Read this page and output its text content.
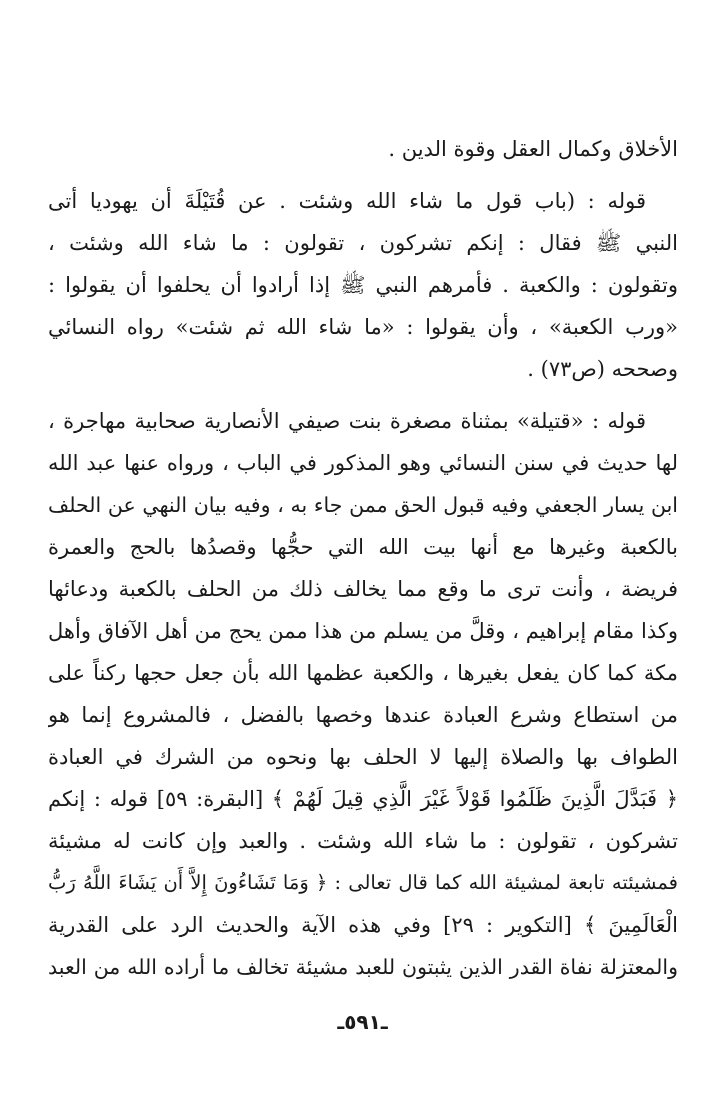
الأخلاق وكمال العقل وقوة الدين .
قوله : (باب قول ما شاء الله وشئت . عن قُتَيْلَةَ أن يهوديا أتى
النبي ﷺ فقال : إنكم تشركون ، تقولون : ما شاء الله وشئت ،
وتقولون : والكعبة . فأمرهم النبي ﷺ إذا أرادوا أن يحلفوا أن يقولوا :
«ورب الكعبة» ، وأن يقولوا : «ما شاء الله ثم شئت» رواه النسائي
وصححه (ص٧٣) .
قوله : «قتيلة» بمثناة مصغرة بنت صيفي الأنصارية صحابية مهاجرة ،
لها حديث في سنن النسائي وهو المذكور في الباب ، ورواه عنها عبد الله
ابن يسار الجعفي وفيه قبول الحق ممن جاء به ، وفيه بيان النهي عن الحلف
بالكعبة وغيرها مع أنها بيت الله التي حجُّها وقصدُها بالحج والعمرة
فريضة ، وأنت ترى ما وقع مما يخالف ذلك من الحلف بالكعبة ودعائها
وكذا مقام إبراهيم ، وقلَّ من يسلم من هذا ممن يحج من أهل الآفاق وأهل
مكة كما كان يفعل بغيرها ، والكعبة عظمها الله بأن جعل حجها ركناً على
من استطاع وشرع العبادة عندها وخصها بالفضل ، فالمشروع إنما هو
الطواف بها والصلاة إليها لا الحلف بها ونحوه من الشرك في العبادة
﴿ فَبَدَّلَ الَّذِينَ ظَلَمُوا قَوْلاً غَيْرَ الَّذِي قِيلَ لَهُمْ ﴾ [البقرة: ٥٩] قوله : إنكم
تشركون ، تقولون : ما شاء الله وشئت . والعبد وإن كانت له مشيئة
فمشيئته تابعة لمشيئة الله كما قال تعالى : ﴿ وَمَا تَشَاءُونَ إِلاَّ أَن يَشَاءَ اللَّهُ رَبُّ
الْعَالَمِينَ ﴾ [التكوير : ٢٩] وفي هذه الآية والحديث الرد على القدرية
والمعتزلة نفاة القدر الذين يثبتون للعبد مشيئة تخالف ما أراده الله من العبد
ـ٥٩١ـ
